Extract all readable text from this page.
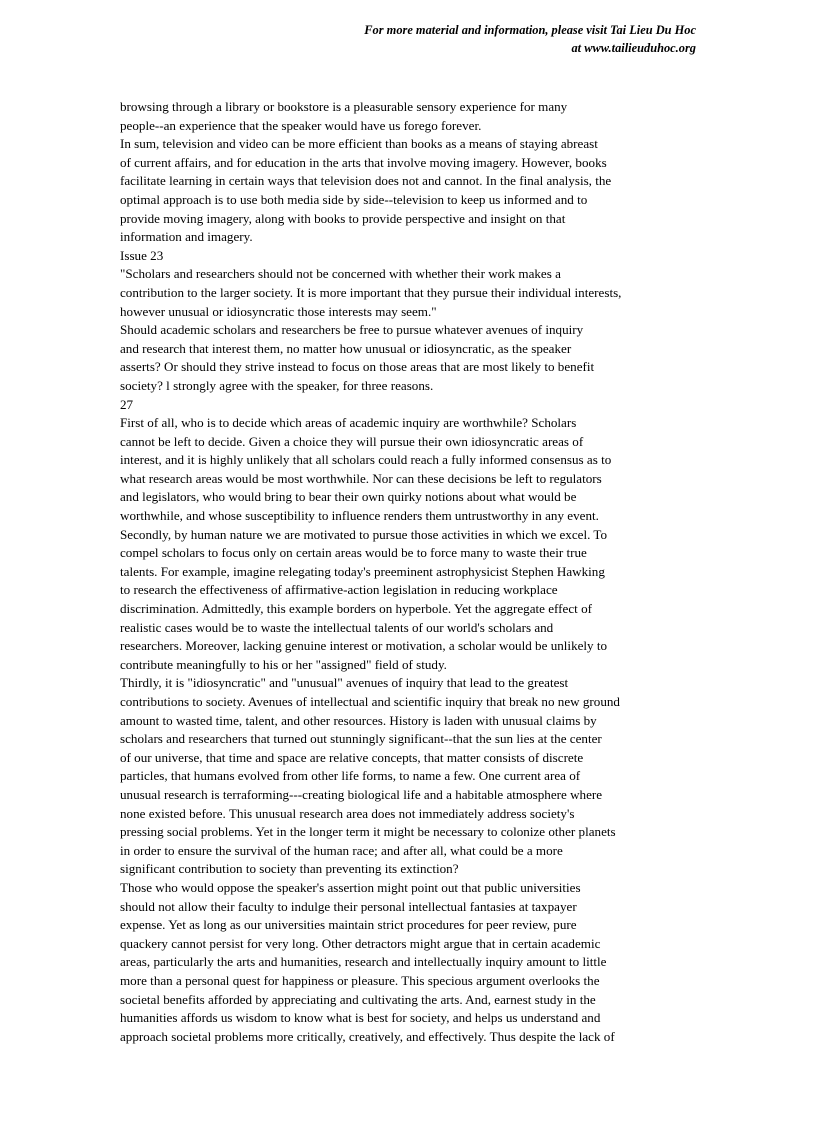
For more material and information, please visit Tai Lieu Du Hoc
at www.tailieuduhoc.org
browsing through a library or bookstore is a pleasurable sensory experience for many
people--an experience that the speaker would have us forego forever.
In sum, television and video can be more efficient than books as a means of staying abreast
of current affairs, and for education in the arts that involve moving imagery. However, books
facilitate learning in certain ways that television does not and cannot. In the final analysis, the
optimal approach is to use both media side by side--television to keep us informed and to
provide moving imagery, along with books to provide perspective and insight on that
information and imagery.
Issue 23
"Scholars and researchers should not be concerned with whether their work makes a
contribution to the larger society. It is more important that they pursue their individual interests,
however unusual or idiosyncratic those interests may seem."
Should academic scholars and researchers be free to pursue whatever avenues of inquiry
and research that interest them, no matter how unusual or idiosyncratic, as the speaker
asserts? Or should they strive instead to focus on those areas that are most likely to benefit
society? l strongly agree with the speaker, for three reasons.
27
First of all, who is to decide which areas of academic inquiry are worthwhile? Scholars
cannot be left to decide. Given a choice they will pursue their own idiosyncratic areas of
interest, and it is highly unlikely that all scholars could reach a fully informed consensus as to
what research areas would be most worthwhile. Nor can these decisions be left to regulators
and legislators, who would bring to bear their own quirky notions about what would be
worthwhile, and whose susceptibility to influence renders them untrustworthy in any event.
Secondly, by human nature we are motivated to pursue those activities in which we excel. To
compel scholars to focus only on certain areas would be to force many to waste their true
talents. For example, imagine relegating today's preeminent astrophysicist Stephen Hawking
to research the effectiveness of affirmative-action legislation in reducing workplace
discrimination. Admittedly, this example borders on hyperbole. Yet the aggregate effect of
realistic cases would be to waste the intellectual talents of our world's scholars and
researchers. Moreover, lacking genuine interest or motivation, a scholar would be unlikely to
contribute meaningfully to his or her "assigned" field of study.
Thirdly, it is "idiosyncratic" and "unusual" avenues of inquiry that lead to the greatest
contributions to society. Avenues of intellectual and scientific inquiry that break no new ground
amount to wasted time, talent, and other resources. History is laden with unusual claims by
scholars and researchers that turned out stunningly significant--that the sun lies at the center
of our universe, that time and space are relative concepts, that matter consists of discrete
particles, that humans evolved from other life forms, to name a few. One current area of
unusual research is terraforming---creating biological life and a habitable atmosphere where
none existed before. This unusual research area does not immediately address society's
pressing social problems. Yet in the longer term it might be necessary to colonize other planets
in order to ensure the survival of the human race; and after all, what could be a more
significant contribution to society than preventing its extinction?
Those who would oppose the speaker's assertion might point out that public universities
should not allow their faculty to indulge their personal intellectual fantasies at taxpayer
expense. Yet as long as our universities maintain strict procedures for peer review, pure
quackery cannot persist for very long. Other detractors might argue that in certain academic
areas, particularly the arts and humanities, research and intellectually inquiry amount to little
more than a personal quest for happiness or pleasure. This specious argument overlooks the
societal benefits afforded by appreciating and cultivating the arts. And, earnest study in the
humanities affords us wisdom to know what is best for society, and helps us understand and
approach societal problems more critically, creatively, and effectively. Thus despite the lack of
